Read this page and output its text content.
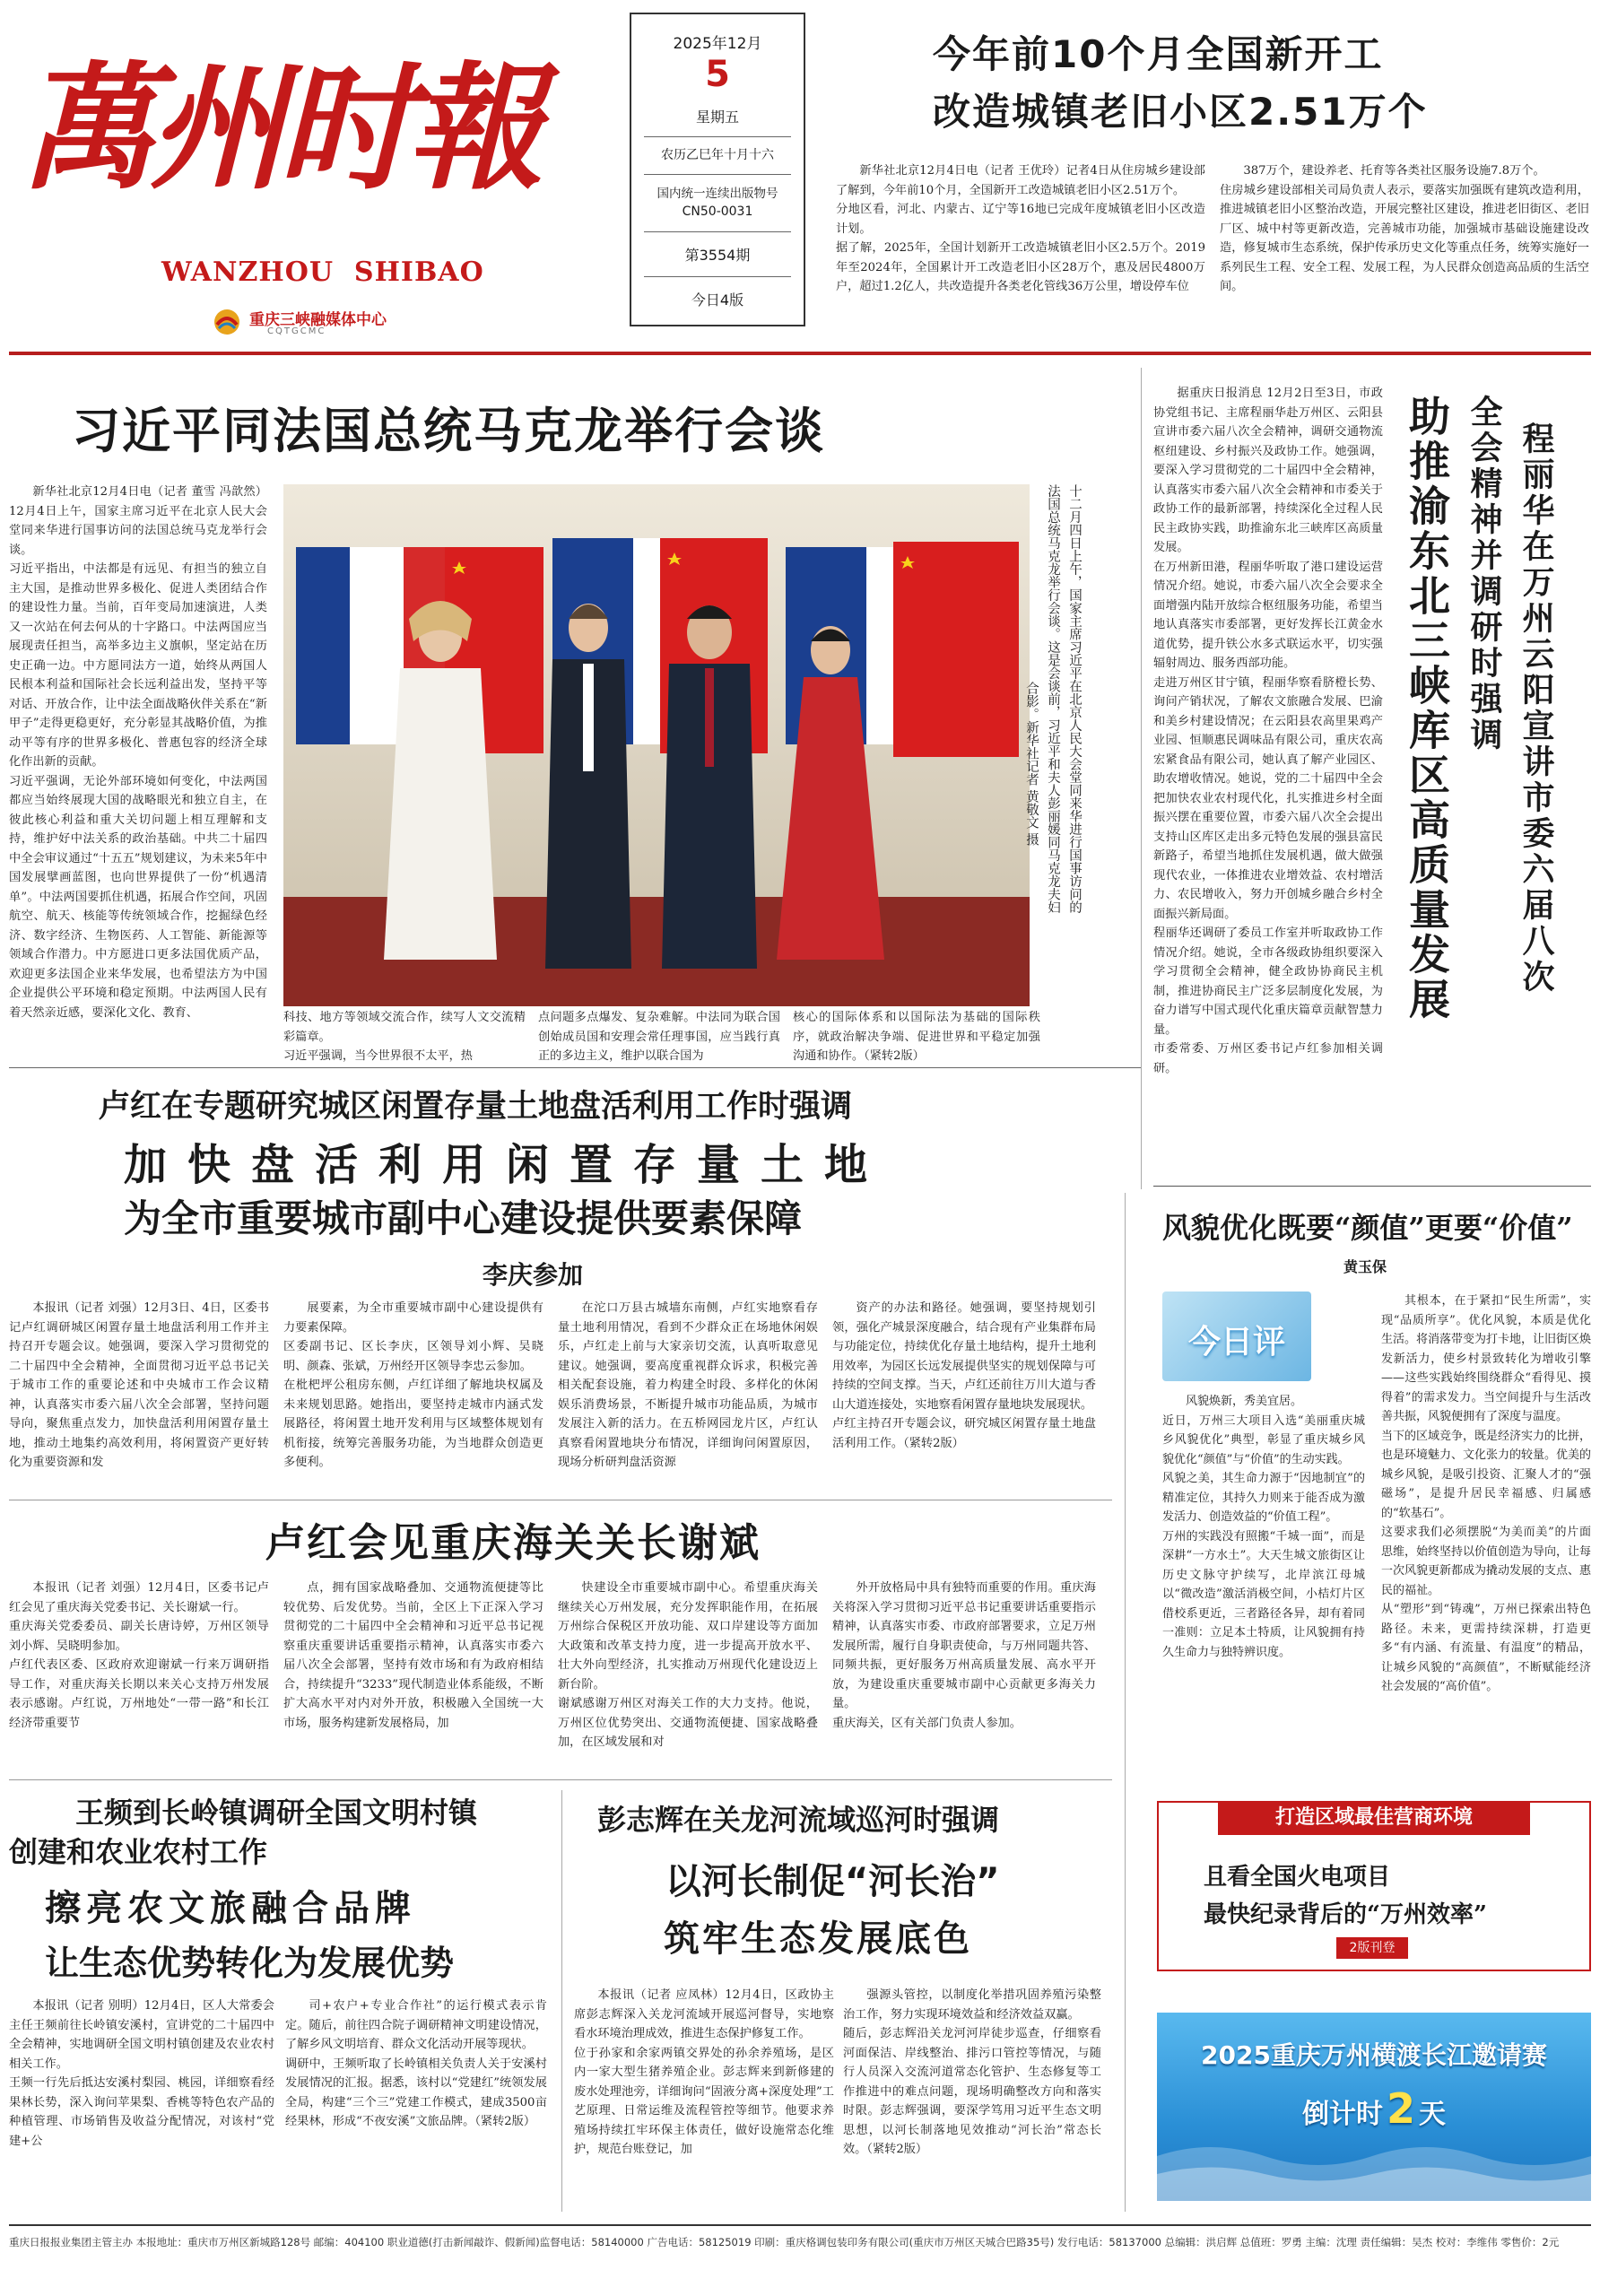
萬州时報
WANZHOU  SHIBAO
重庆三峡融媒体中心
CQTGCMC
2025年12月
5
星期五
农历乙巳年十月十六
国内统一连续出版物号
CN50-0031
第3554期
今日4版
今年前10个月全国新开工
改造城镇老旧小区2.51万个
新华社北京12月4日电（记者 王优玲）记者4日从住房城乡建设部了解到，今年前10个月，全国新开工改造城镇老旧小区2.51万个。
分地区看，河北、内蒙古、辽宁等16地已完成年度城镇老旧小区改造计划。
据了解，2025年，全国计划新开工改造城镇老旧小区2.5万个。2019年至2024年，全国累计开工改造老旧小区28万个，惠及居民4800万户，超过1.2亿人，共改造提升各类老化管线36万公里，增设停车位
387万个，建设养老、托育等各类社区服务设施7.8万个。
住房城乡建设部相关司局负责人表示，要落实加强既有建筑改造利用，推进城镇老旧小区整治改造，开展完整社区建设，推进老旧街区、老旧厂区、城中村等更新改造，完善城市功能，加强城市基础设施建设改造，修复城市生态系统，保护传承历史文化等重点任务，统筹实施好一系列民生工程、安全工程、发展工程，为人民群众创造高品质的生活空间。
习近平同法国总统马克龙举行会谈
新华社北京12月4日电（记者 董雪 冯歆然）12月4日上午，国家主席习近平在北京人民大会堂同来华进行国事访问的法国总统马克龙举行会谈。
习近平指出，中法都是有远见、有担当的独立自主大国，是推动世界多极化、促进人类团结合作的建设性力量。当前，百年变局加速演进，人类又一次站在何去何从的十字路口。中法两国应当展现责任担当，高举多边主义旗帜，坚定站在历史正确一边。中方愿同法方一道，始终从两国人民根本利益和国际社会长远利益出发，坚持平等对话、开放合作，让中法全面战略伙伴关系在“新甲子”走得更稳更好，充分彰显其战略价值，为推动平等有序的世界多极化、普惠包容的经济全球化作出新的贡献。
习近平强调，无论外部环境如何变化，中法两国都应当始终展现大国的战略眼光和独立自主，在彼此核心利益和重大关切问题上相互理解和支持，维护好中法关系的政治基础。中共二十届四中全会审议通过“十五五”规划建议，为未来5年中国发展擘画蓝图，也向世界提供了一份“机遇清单”。中法两国要抓住机遇，拓展合作空间，巩固航空、航天、核能等传统领域合作，挖掘绿色经济、数字经济、生物医药、人工智能、新能源等领域合作潜力。中方愿进口更多法国优质产品，欢迎更多法国企业来华发展，也希望法方为中国企业提供公平环境和稳定预期。中法两国人民有着天然亲近感，要深化文化、教育、
十二月四日上午，国家主席习近平在北京人民大会堂同来华进行国事访问的
法国总统马克龙举行会谈。这是会谈前，习近平和夫人彭丽媛同马克龙夫妇
合影。新华社记者 黄敬文 摄
科技、地方等领域交流合作，续写人文交流精彩篇章。
习近平强调，当今世界很不太平，热
点问题多点爆发、复杂难解。中法同为联合国创始成员国和安理会常任理事国，应当践行真正的多边主义，维护以联合国为
核心的国际体系和以国际法为基础的国际秩序，就政治解决争端、促进世界和平稳定加强沟通和协作。（紧转2版）
据重庆日报消息 12月2日至3日，市政协党组书记、主席程丽华赴万州区、云阳县宣讲市委六届八次全会精神，调研交通物流枢纽建设、乡村振兴及政协工作。她强调，要深入学习贯彻党的二十届四中全会精神，认真落实市委六届八次全会精神和市委关于政协工作的最新部署，持续深化全过程人民民主政协实践，助推渝东北三峡库区高质量发展。
在万州新田港，程丽华听取了港口建设运营情况介绍。她说，市委六届八次全会要求全面增强内陆开放综合枢纽服务功能，希望当地认真落实市委部署，更好发挥长江黄金水道优势，提升铁公水多式联运水平，切实强辐射周边、服务西部功能。
走进万州区甘宁镇，程丽华察看脐橙长势、询问产销状况，了解农文旅融合发展、巴渝和美乡村建设情况；在云阳县农高里果鸡产业园、恒顺惠民调味品有限公司，重庆农高宏紧食品有限公司，她认真了解产业园区、助农增收情况。她说，党的二十届四中全会把加快农业农村现代化，扎实推进乡村全面振兴摆在重要位置，市委六届八次全会提出支持山区库区走出多元特色发展的强县富民新路子，希望当地抓住发展机遇，做大做强现代农业，一体推进农业增效益、农村增活力、农民增收入，努力开创城乡融合乡村全面振兴新局面。
程丽华还调研了委员工作室并听取政协工作情况介绍。她说，全市各级政协组织要深入学习贯彻全会精神，健全政协协商民主机制，推进协商民主广泛多层制度化发展，为奋力谱写中国式现代化重庆篇章贡献智慧力量。
市委常委、万州区委书记卢红参加相关调研。
助推渝东北三峡库区高质量发展 全会精神并调研时强调 程丽华在万州云阳宣讲市委六届八次
卢红在专题研究城区闲置存量土地盘活利用工作时强调
加快盘活利用闲置存量土地
为全市重要城市副中心建设提供要素保障
李庆参加
本报讯（记者 刘强）12月3日、4日，区委书记卢红调研城区闲置存量土地盘活利用工作并主持召开专题会议。她强调，要深入学习贯彻党的二十届四中全会精神，全面贯彻习近平总书记关于城市工作的重要论述和中央城市工作会议精神，认真落实市委六届八次全会部署，坚持问题导向，聚焦重点发力，加快盘活利用闲置存量土地，推动土地集约高效利用，将闲置资产更好转化为重要资源和发
展要素，为全市重要城市副中心建设提供有力要素保障。
区委副书记、区长李庆，区领导刘小辉、吴晓明、颜森、张斌，万州经开区领导李忠云参加。
在枇杷坪公租房东侧，卢红详细了解地块权属及未来规划思路。她指出，要坚持走城市内涵式发展路径，将闲置土地开发利用与区域整体规划有机衔接，统筹完善服务功能，为当地群众创造更多便利。
在沱口万县古城墙东南侧，卢红实地察看存量土地利用情况，看到不少群众正在场地休闲娱乐，卢红走上前与大家亲切交流，认真听取意见建议。她强调，要高度重视群众诉求，积极完善相关配套设施，着力构建全时段、多样化的休闲娱乐消费场景，不断提升城市功能品质，为城市发展注入新的活力。在五桥网园龙片区，卢红认真察看闲置地块分布情况，详细询问闲置原因，现场分析研判盘活资源
资产的办法和路径。她强调，要坚持规划引领，强化产城景深度融合，结合现有产业集群布局与功能定位，持续优化存量土地结构，提升土地利用效率，为园区长远发展提供坚实的规划保障与可持续的空间支撑。当天，卢红还前往万川大道与香山大道连接处，实地察看闲置存量地块发展现状。
卢红主持召开专题会议，研究城区闲置存量土地盘活利用工作。（紧转2版）
卢红会见重庆海关关长谢斌
本报讯（记者 刘强）12月4日，区委书记卢红会见了重庆海关党委书记、关长谢斌一行。
重庆海关党委委员、副关长唐诗婷，万州区领导刘小辉、吴晓明参加。
卢红代表区委、区政府欢迎谢斌一行来万调研指导工作，对重庆海关长期以来关心支持万州发展表示感谢。卢红说，万州地处“一带一路”和长江经济带重要节
点，拥有国家战略叠加、交通物流便捷等比较优势、后发优势。当前，全区上下正深入学习贯彻党的二十届四中全会精神和习近平总书记视察重庆重要讲话重要指示精神，认真落实市委六届八次全会部署，坚持有效市场和有为政府相结合，持续提升“3233”现代制造业体系能级，不断扩大高水平对内对外开放，积极融入全国统一大市场，服务构建新发展格局，加
快建设全市重要城市副中心。希望重庆海关继续关心万州发展，充分发挥职能作用，在拓展万州综合保税区开放功能、双口岸建设等方面加大政策和改革支持力度，进一步提高开放水平、壮大外向型经济，扎实推动万州现代化建设迈上新台阶。
谢斌感谢万州区对海关工作的大力支持。他说，万州区位优势突出、交通物流便捷、国家战略叠加，在区域发展和对
外开放格局中具有独特而重要的作用。重庆海关将深入学习贯彻习近平总书记重要讲话重要指示精神，认真落实市委、市政府部署要求，立足万州发展所需，履行自身职责使命，与万州同题共答、同频共振，更好服务万州高质量发展、高水平开放，为建设重庆重要城市副中心贡献更多海关力量。
重庆海关，区有关部门负责人参加。
王频到长岭镇调研全国文明村镇
创建和农业农村工作
擦亮农文旅融合品牌
让生态优势转化为发展优势
本报讯（记者 别明）12月4日，区人大常委会主任王频前往长岭镇安溪村，宣讲党的二十届四中全会精神，实地调研全国文明村镇创建及农业农村相关工作。
王频一行先后抵达安溪村梨园、桃园，详细察看经果林长势，深入询问苹果梨、香桃等特色农产品的种植管理、市场销售及收益分配情况，对该村“党建+公
司+农户+专业合作社”的运行模式表示肯定。随后，前往四合院子调研精神文明建设情况，了解乡风文明培育、群众文化活动开展等现状。
调研中，王频听取了长岭镇相关负责人关于安溪村发展情况的汇报。据悉，该村以“党建红”统领发展全局，构建“三个三”党建工作模式，建成3500亩经果林，形成“不夜安溪”文旅品牌。（紧转2版）
彭志辉在关龙河流域巡河时强调
以河长制促“河长治”
筑牢生态发展底色
本报讯（记者 应凤林）12月4日，区政协主席彭志辉深入关龙河流域开展巡河督导，实地察看水环境治理成效，推进生态保护修复工作。
位于孙家和余家两镇交界处的孙余养殖场，是区内一家大型生猪养殖企业。彭志辉来到新修建的废水处理池旁，详细询问“固液分离+深度处理”工艺原理、日常运维及流程管控等细节。他要求养殖场持续扛牢环保主体责任，做好设施常态化维护，规范台账登记，加
强源头管控，以制度化举措巩固养殖污染整治工作，努力实现环境效益和经济效益双赢。
随后，彭志辉沿关龙河河岸徒步巡查，仔细察看河面保洁、岸线整治、排污口管控等情况，与随行人员深入交流河道常态化管护、生态修复等工作推进中的难点问题，现场明确整改方向和落实时限。彭志辉强调，要深学笃用习近平生态文明思想，以河长制落地见效推动“河长治”常态长效。（紧转2版）
风貌优化既要“颜值”更要“价值”
黄玉保
今日评
风貌焕新，秀美宜居。
近日，万州三大项目入选“美丽重庆城乡风貌优化”典型，彰显了重庆城乡风貌优化“颜值”与“价值”的生动实践。
风貌之美，其生命力源于“因地制宜”的精准定位，其持久力则来于能否成为激发活力、创造效益的“价值工程”。
万州的实践没有照搬“千城一面”，而是深耕“一方水土”。大天生城文旅街区让历史文脉守护续写，北岸滨江母城以“微改造”激活消极空间，小桔灯片区借校系更近，三者路径各异，却有着同一准则：立足本土特质，让风貌拥有持久生命力与独特辨识度。
其根本，在于紧扣“民生所需”，实现“品质所享”。优化风貌，本质是优化生活。将消落带变为打卡地，让旧街区焕发新活力，使乡村景致转化为增收引擎——这些实践始终围绕群众“看得见、摸得着”的需求发力。当空间提升与生活改善共振，风貌便拥有了深度与温度。
当下的区域竞争，既是经济实力的比拼，也是环境魅力、文化张力的较量。优美的城乡风貌，是吸引投资、汇聚人才的“强磁场”，是提升居民幸福感、归属感的“软基石”。
这要求我们必须摆脱“为美而美”的片面思维，始终坚持以价值创造为导向，让每一次风貌更新都成为撬动发展的支点、惠民的福祉。
从“塑形”到“铸魂”，万州已探索出特色路径。未来，更需持续深耕，打造更多“有内涵、有流量、有温度”的精品，让城乡风貌的“高颜值”，不断赋能经济社会发展的“高价值”。
打造区域最佳营商环境
且看全国火电项目
最快纪录背后的“万州效率”
2版刊登
2025重庆万州横渡长江邀请赛
倒计时2 天
重庆日报报业集团主管主办 本报地址：重庆市万州区新城路128号 邮编：404100 职业道德(打击新闻敲诈、假新闻)监督电话：58140000 广告电话：58125019 印刷：重庆格调包装印务有限公司(重庆市万州区天城合巴路35号) 发行电话：58137000 总编辑：洪启辉 总值班：罗勇 主编：沈理 责任编辑：吴杰 校对：李维伟 零售价：2元
